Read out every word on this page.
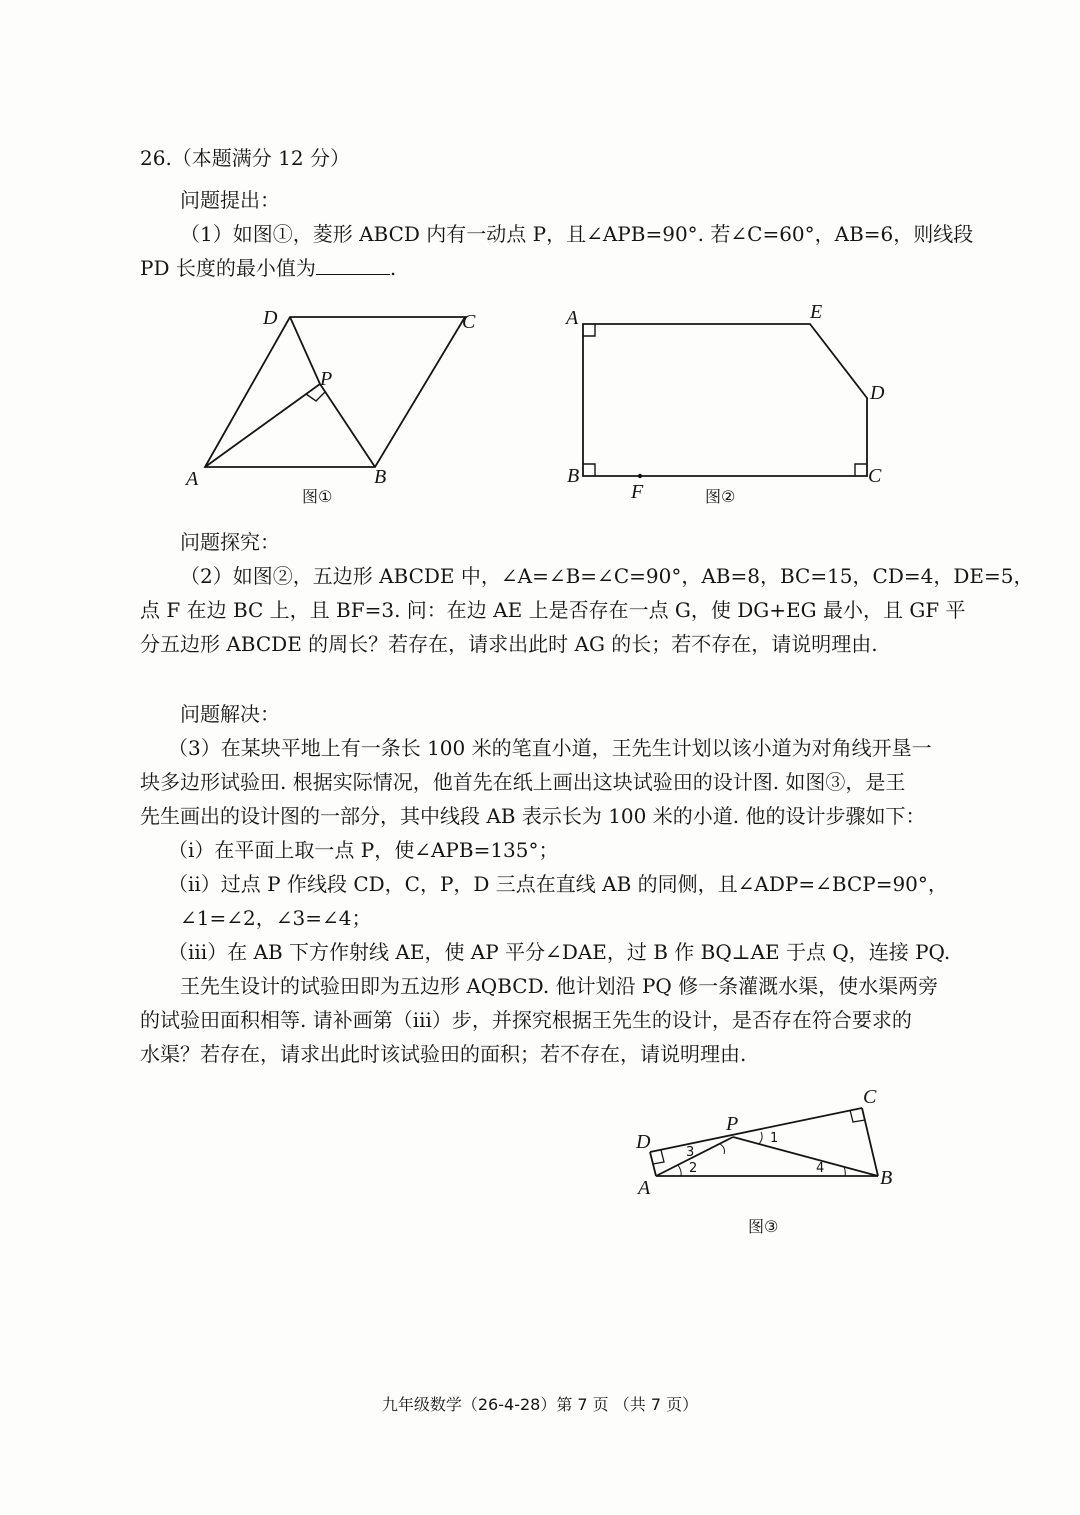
26.（本题满分 12 分）
问题提出：
（1）如图①，菱形 ABCD 内有一动点 P，且∠APB=90°. 若∠C=60°，AB=6，则线段
PD 长度的最小值为	.
D	C
P
A	B
图①
A	E
D
C
B
F	图②
问题探究：
（2）如图②，五边形 ABCDE 中，∠A=∠B=∠C=90°，AB=8，BC=15，CD=4，DE=5，
点 F 在边 BC 上，且 BF=3. 问：在边 AE 上是否存在一点 G，使 DG+EG 最小，且 GF 平
分五边形 ABCDE 的周长？若存在，请求出此时 AG 的长；若不存在，请说明理由.
问题解决：
（3）在某块平地上有一条长 100 米的笔直小道，王先生计划以该小道为对角线开垦一
块多边形试验田. 根据实际情况，他首先在纸上画出这块试验田的设计图. 如图③，是王
先生画出的设计图的一部分，其中线段 AB 表示长为 100 米的小道. 他的设计步骤如下：
（i）在平面上取一点 P，使∠APB=135°；
（ii）过点 P 作线段 CD，C，P，D 三点在直线 AB 的同侧，且∠ADP=∠BCP=90°，
∠1=∠2，∠3=∠4；
（iii）在 AB 下方作射线 AE，使 AP 平分∠DAE，过 B 作 BQ⊥AE 于点 Q，连接 PQ.
王先生设计的试验田即为五边形 AQBCD. 他计划沿 PQ 修一条灌溉水渠，使水渠两旁
的试验田面积相等. 请补画第（iii）步，并探究根据王先生的设计，是否存在符合要求的
水渠？若存在，请求出此时该试验田的面积；若不存在，请说明理由.
D
A
P
C
B
1
2
3
4
图③
九年级数学（26-4-28）第 7 页 （共 7 页）
